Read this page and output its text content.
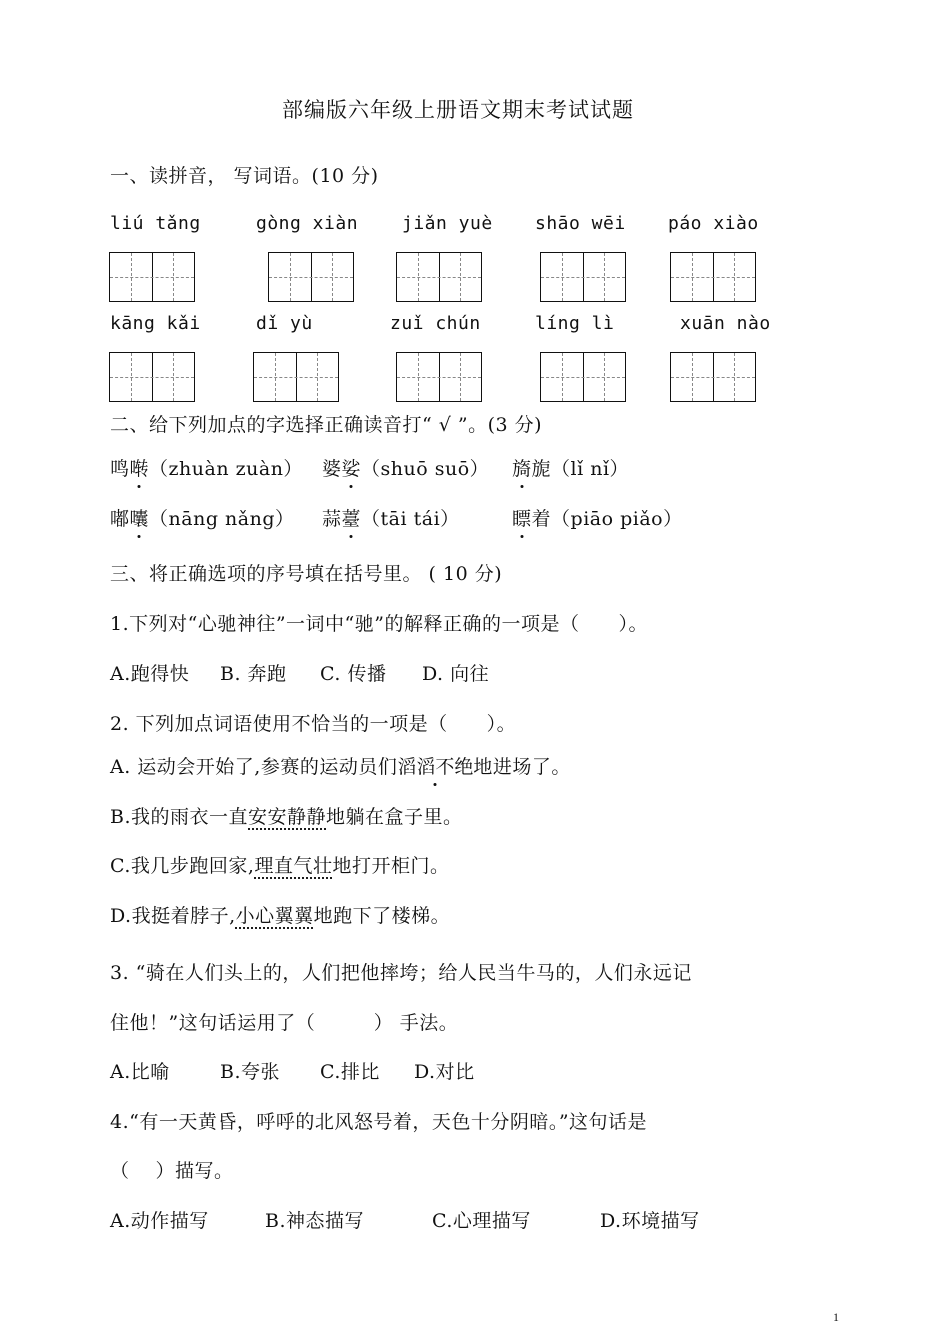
部编版六年级上册语文期末考试试题
一、读拼音， 写词语。(10 分)
liú tǎng	gòng xiàn jiǎn yuè shāo wēi páo xiào
kāng kǎi	dǐ yù	zuǐ chún	líng lì	xuān nào
二、给下列加点的字选择正确读音打“ √ ”。(3 分)
鸣啭（zhuàn zuàn） 婆娑（shuō suō） 旖旎（lǐ nǐ）
嘟囔（nāng nǎng） 蒜薹（tāi tái）	瞟着（piāo piǎo）
三、将正确选项的序号填在括号里。 ( 10 分)
1.下列对“心驰神往”一词中“驰”的解释正确的一项是（　　）。
A.跑得快 B. 奔跑 C. 传播 D. 向往
2. 下列加点词语使用不恰当的一项是（　　）。
A. 运动会开始了,参赛的运动员们滔滔不绝地进场了。
B.我的雨衣一直安安静静地躺在盒子里。
C.我几步跑回家,理直气壮地打开柜门。
D.我挺着脖子,小心翼翼地跑下了楼梯。
3. “骑在人们头上的，人们把他摔垮；给人民当牛马的，人们永远记
住他！”这句话运用了（　　　） 手法。
A.比喻	B.夸张 C.排比 D.对比
4.“有一天黄昏，呼呼的北风怒号着，天色十分阴暗。”这句话是
（　 ）描写。
A.动作描写	B.神态描写	C.心理描写	D.环境描写
1
